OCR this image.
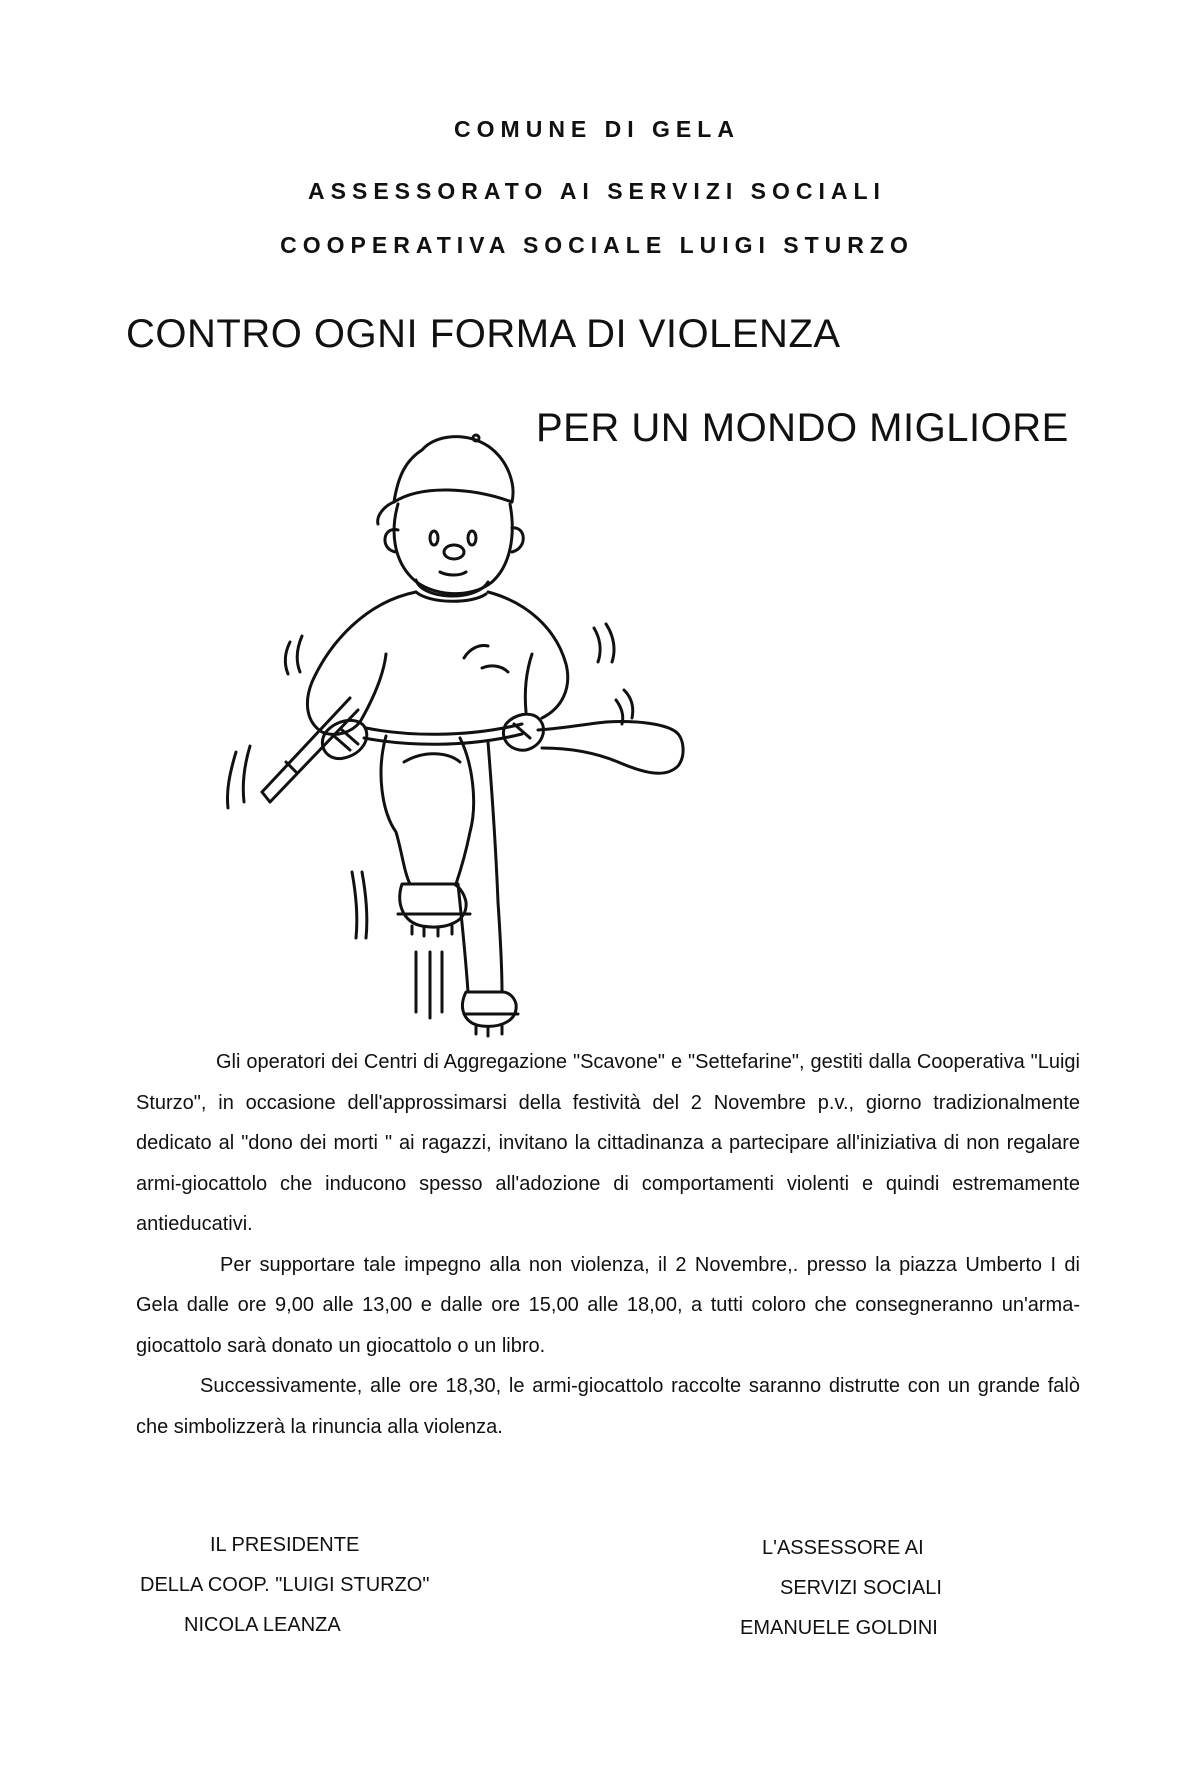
COMUNE DI GELA
ASSESSORATO AI SERVIZI SOCIALI
COOPERATIVA SOCIALE LUIGI STURZO
CONTRO OGNI FORMA DI VIOLENZA
PER UN MONDO MIGLIORE

Gli operatori dei Centri di Aggregazione "Scavone" e "Settefarine", gestiti dalla Cooperativa "Luigi Sturzo", in occasione dell'approssimarsi della festività del 2 Novembre p.v., giorno tradizionalmente dedicato al "dono dei morti " ai ragazzi, invitano la cittadinanza a partecipare all'iniziativa di non regalare armi-giocattolo che inducono spesso all'adozione di comportamenti violenti e quindi estremamente antieducativi.

Per supportare tale impegno alla non violenza, il 2 Novembre,. presso la piazza Umberto I di Gela dalle ore 9,00 alle 13,00 e dalle ore 15,00 alle 18,00, a tutti coloro che consegneranno un'arma-giocattolo sarà donato un giocattolo o un libro.

Successivamente, alle ore 18,30, le armi-giocattolo raccolte saranno distrutte con un grande falò che simbolizzerà la rinuncia alla violenza.

IL PRESIDENTE
DELLA COOP. "LUIGI STURZO"
NICOLA LEANZA
L'ASSESSORE AI
SERVIZI SOCIALI
EMANUELE GOLDINI
